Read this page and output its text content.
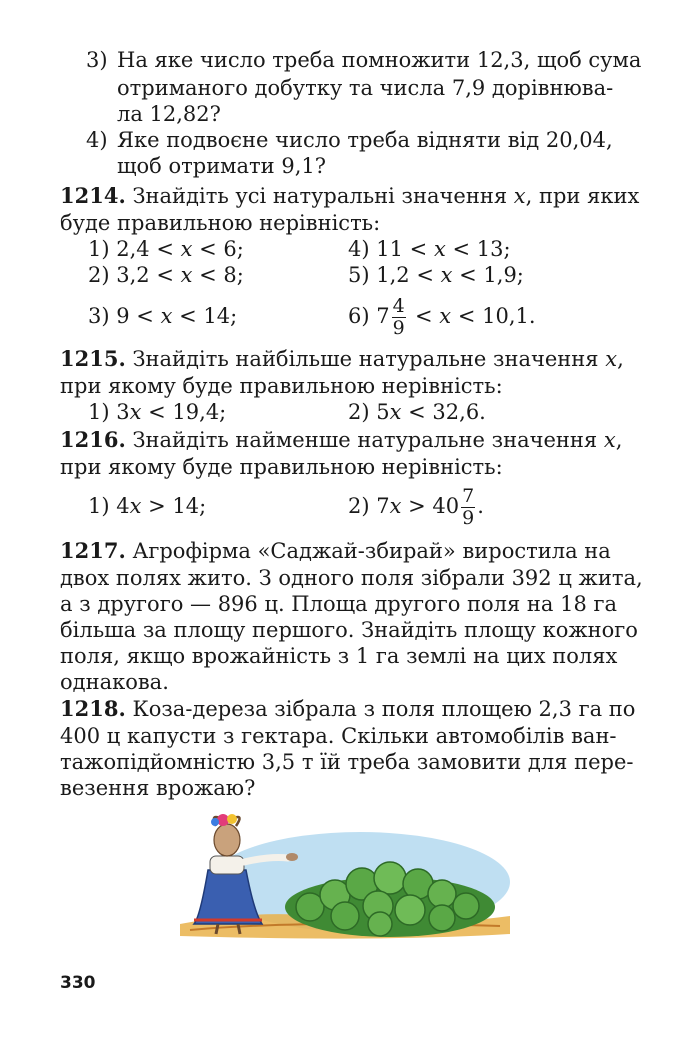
3) На яке число треба помножити 12,3, щоб сума
отриманого добутку та числа 7,9 дорівнюва-
ла 12,82?
4) Яке подвоєне число треба відняти від 20,04,
щоб отримати 9,1?
1214. Знайдіть усі натуральні значення x, при яких
буде правильною нерівність:
1) 2,4 < x < 6;	4) 11 < x < 13;
2) 3,2 < x < 8;	5) 1,2 < x < 1,9;
3) 9 < x < 14;	6) $7 \frac{4}{9} < x < 10,1$.
1215. Знайдіть найбільше натуральне значення x,
при якому буде правильною нерівність:
1) 3x < 19,4;	2) 5x < 32,6.
1216. Знайдіть найменше натуральне значення x,
при якому буде правильною нерівність:
1) 4x > 14;	2) $7x > 40 \frac{7}{9}$ .
1217. Агрофірма «Саджай-збирай» виростила на
двох полях жито. З одного поля зібрали 392 ц жита,
а з другого — 896 ц. Площа другого поля на 18 га
більша за площу першого. Знайдіть площу кожного
поля, якщо врожайність з 1 га землі на цих полях
однакова.
1218. Коза-дереза зібрала з поля площею 2,3 га по
400 ц капусти з гектара. Скільки автомобілів ван-
тажопідйомністю 3,5 т їй треба замовити для пере-
везення врожаю?
330
